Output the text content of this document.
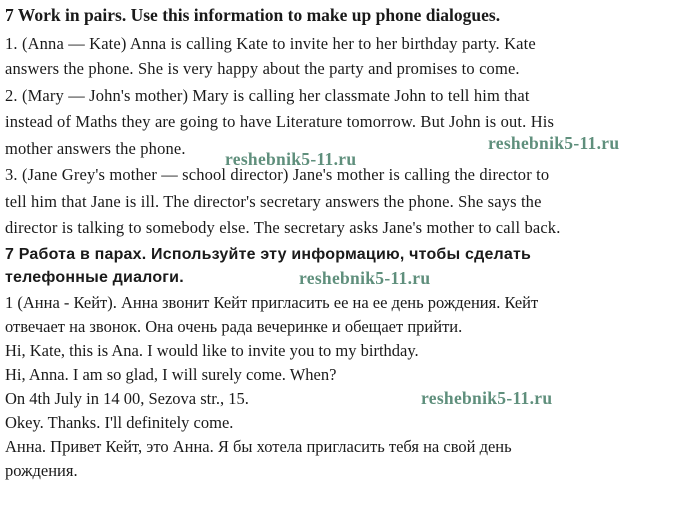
7 Work in pairs. Use this information to make up phone dialogues.
1. (Anna — Kate) Anna is calling Kate to invite her to her birthday party. Kate
answers the phone. She is very happy about the party and promises to come.
2. (Mary — John's mother) Mary is calling her classmate John to tell him that
instead of Maths they are going to have Literature tomorrow. But John is out. His
mother answers the phone.
3. (Jane Grey's mother — school director) Jane's mother is calling the director to
tell him that Jane is ill. The director's secretary answers the phone. She says the
director is talking to somebody else. The secretary asks Jane's mother to call back.
7 Работа в парах. Используйте эту информацию, чтобы сделать
телефонные диалоги.
1 (Анна - Кейт). Анна звонит Кейт пригласить ее на ее день рождения. Кейт
отвечает на звонок. Она очень рада вечеринке и обещает прийти.
Hi, Kate, this is Ana. I would like to invite you to my birthday.
Hi, Anna. I am so glad, I will surely come. When?
On 4th July in 14 00, Sezova str., 15.
Okey. Thanks. I'll definitely come.
Анна. Привет Кейт, это Анна. Я бы хотела пригласить тебя на свой день
рождения.
reshebnik5-11.ru
reshebnik5-11.ru
reshebnik5-11.ru
reshebnik5-11.ru
